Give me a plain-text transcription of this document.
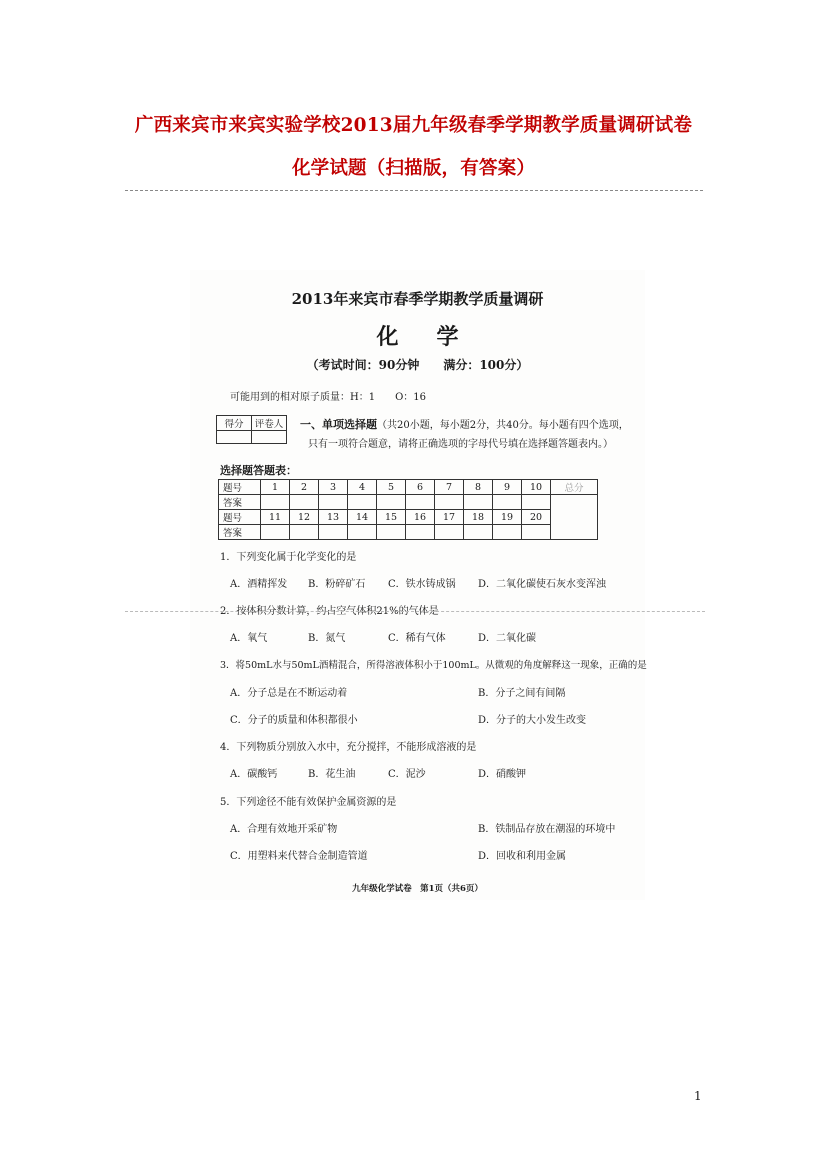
广西来宾市来宾实验学校2013届九年级春季学期教学质量调研试卷
化学试题（扫描版，有答案）
2013年来宾市春季学期教学质量调研
化学
（考试时间：90分钟　　满分：100分）
可能用到的相对原子质量：H：1　　O：16
得分	评卷人
	一、单项选择题（共20小题，每小题2分，共40分。每小题有四个选项，
只有一项符合题意，请将正确选项的字母代号填在选择题答题表内。）
选择题答题表：
题号	1	2	3	4	5	6	7	8	9	10	总分
答案											
题号	11	12	13	14	15	16	17	18	19	20	
答案											
1．下列变化属于化学变化的是
A．酒精挥发 B．粉碎矿石 C．铁水铸成锅 D．二氧化碳使石灰水变浑浊
2．按体积分数计算，约占空气体积21%的气体是
A．氧气	B．氮气	C．稀有气体	D．二氧化碳
3．将50mL水与50mL酒精混合，所得溶液体积小于100mL。从微观的角度解释这一现象，正确的是
A．分子总是在不断运动着	B．分子之间有间隔
C．分子的质量和体积都很小	D．分子的大小发生改变
4．下列物质分别放入水中，充分搅拌，不能形成溶液的是
A．碳酸钙	B．花生油	C．泥沙	D．硝酸钾
5．下列途径不能有效保护金属资源的是
A．合理有效地开采矿物	B．铁制品存放在潮湿的环境中
C．用塑料来代替合金制造管道	D．回收和利用金属
九年级化学试卷　第1页（共6页）
1
